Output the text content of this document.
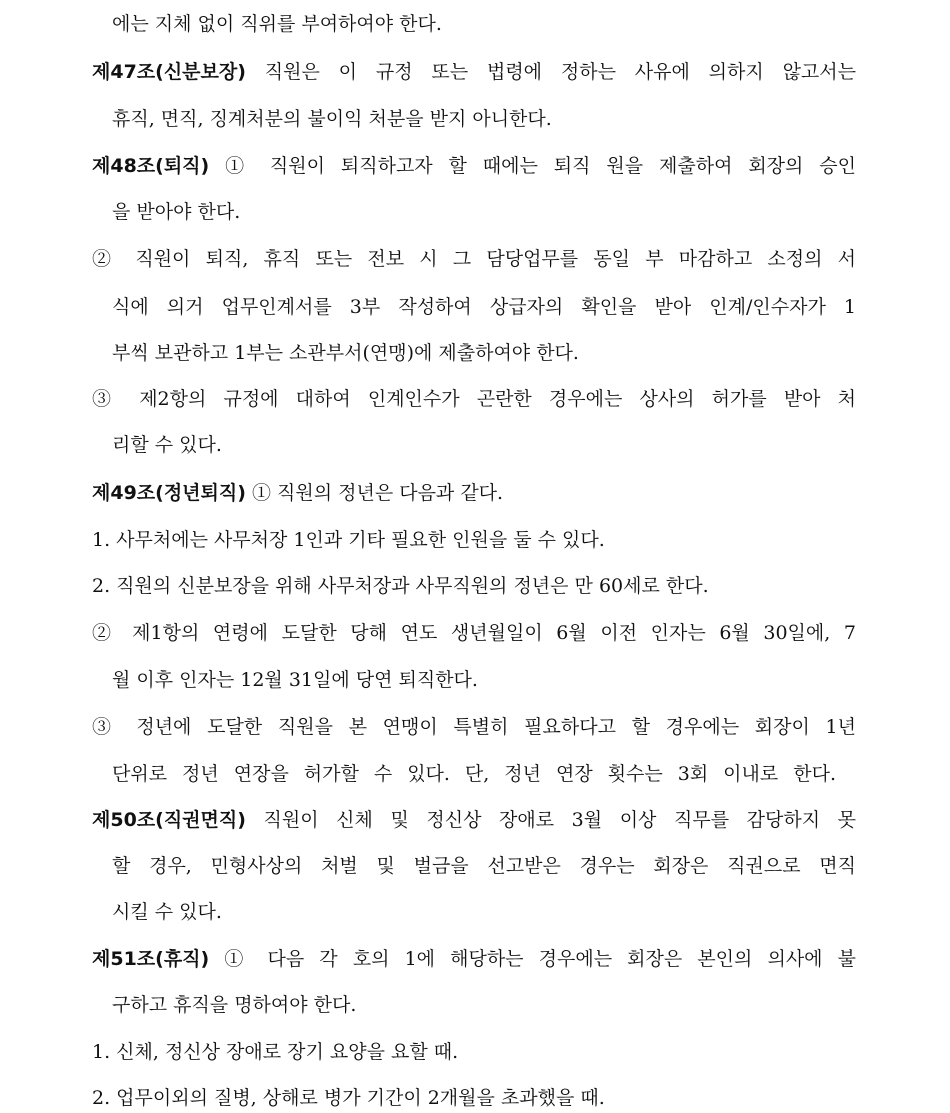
에는 지체 없이 직위를 부여하여야 한다.
제47조(신분보장) 직원은 이 규정 또는 법령에 정하는 사유에 의하지 않고서는
휴직, 면직, 징계처분의 불이익 처분을 받지 아니한다.
제48조(퇴직) ① 직원이 퇴직하고자 할 때에는 퇴직 원을 제출하여 회장의 승인
을 받아야 한다.
② 직원이 퇴직, 휴직 또는 전보 시 그 담당업무를 동일 부 마감하고 소정의 서
식에 의거 업무인계서를 3부 작성하여 상급자의 확인을 받아 인계/인수자가 1
부씩 보관하고 1부는 소관부서(연맹)에 제출하여야 한다.
③ 제2항의 규정에 대하여 인계인수가 곤란한 경우에는 상사의 허가를 받아 처
리할 수 있다.
제49조(정년퇴직) ① 직원의 정년은 다음과 같다.
1. 사무처에는 사무처장 1인과 기타 필요한 인원을 둘 수 있다.
2. 직원의 신분보장을 위해 사무처장과 사무직원의 정년은 만 60세로 한다.
② 제1항의 연령에 도달한 당해 연도 생년월일이 6월 이전 인자는 6월 30일에, 7
월 이후 인자는 12월 31일에 당연 퇴직한다.
③ 정년에 도달한 직원을 본 연맹이 특별히 필요하다고 할 경우에는 회장이 1년
단위로 정년 연장을 허가할 수 있다. 단, 정년 연장 횟수는 3회 이내로 한다.
제50조(직권면직) 직원이 신체 및 정신상 장애로 3월 이상 직무를 감당하지 못
할 경우, 민형사상의 처벌 및 벌금을 선고받은 경우는 회장은 직권으로 면직
시킬 수 있다.
제51조(휴직) ① 다음 각 호의 1에 해당하는 경우에는 회장은 본인의 의사에 불
구하고 휴직을 명하여야 한다.
1. 신체, 정신상 장애로 장기 요양을 요할 때.
2. 업무이외의 질병, 상해로 병가 기간이 2개월을 초과했을 때.
